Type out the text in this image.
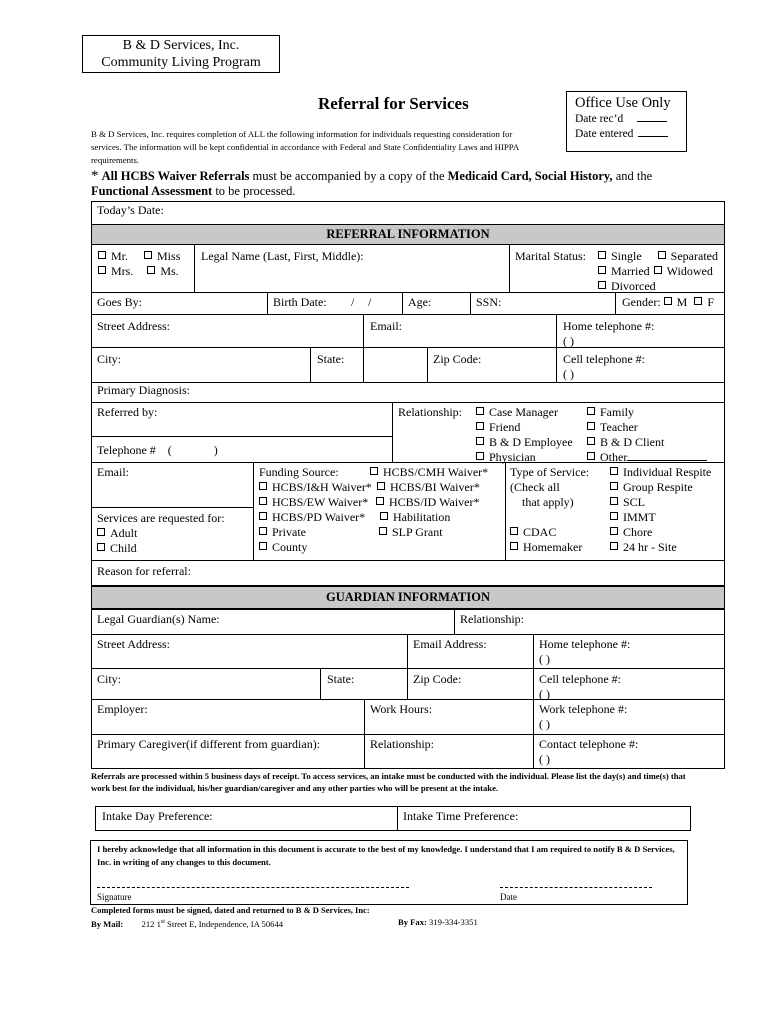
B & D Services, Inc.
Community Living Program
Referral for Services	Office Use Only
Date rec’d
Date entered
B & D Services, Inc. requires completion of ALL the following information for individuals requesting consideration for services. The information will be kept confidential in accordance with Federal and State Confidentiality Laws and HIPPA requirements.
* All HCBS Waiver Referrals must be accompanied by a copy of the Medicaid Card, Social History, and the Functional Assessment to be processed.
Today’s Date:
REFERRAL INFORMATION
Mr. Miss
Mrs. Ms.
Legal Name (Last, First, Middle):	Marital Status:	Single Separated
Married Widowed
Divorced
Goes By:	Birth Date: / /	Age:	SSN:	Gender: M F
Street Address:	Email:	Home telephone #:
( )
City:	State:	Zip Code:	Cell telephone #:
( )
Primary Diagnosis:
Referred by:
Telephone #    (              )
Relationship:	Case Manager
Friend
B & D Employee
Physician
Family
Teacher
B & D Client
Other
Email:
Services are requested for:
Adult
Child
Funding Source:
HCBS/I&H Waiver*
HCBS/EW Waiver*
HCBS/PD Waiver*
Private
County
HCBS/CMH Waiver*
HCBS/BI Waiver*
HCBS/ID Waiver*
Habilitation
SLP Grant
Type of Service:
(Check all
that apply)

CDAC
Homemaker
Individual Respite
Group Respite
SCL
IMMT
Chore
24 hr - Site
Reason for referral:
GUARDIAN INFORMATION
Legal Guardian(s) Name:	Relationship:
Street Address:	Email Address:	Home telephone #:
( )
City:	State:	Zip Code:	Cell telephone #:
( )
Employer:	Work Hours:	Work telephone #:
( )
Primary Caregiver(if different from guardian):	Relationship:	Contact telephone #:
( )
Referrals are processed within 5 business days of receipt. To access services, an intake must be conducted with the individual. Please list the day(s) and time(s) that work best for the individual, his/her guardian/caregiver and any other parties who will be present at the intake.
Intake Day Preference:	Intake Time Preference:
I hereby acknowledge that all information in this document is accurate to the best of my knowledge. I understand that I am required to notify B & D Services, Inc. in writing of any changes to this document.
Signature	Date
Completed forms must be signed, dated and returned to B & D Services, Inc:
By Mail: 212 1st Street E, Independence, IA 50644	By Fax: 319-334-3351
